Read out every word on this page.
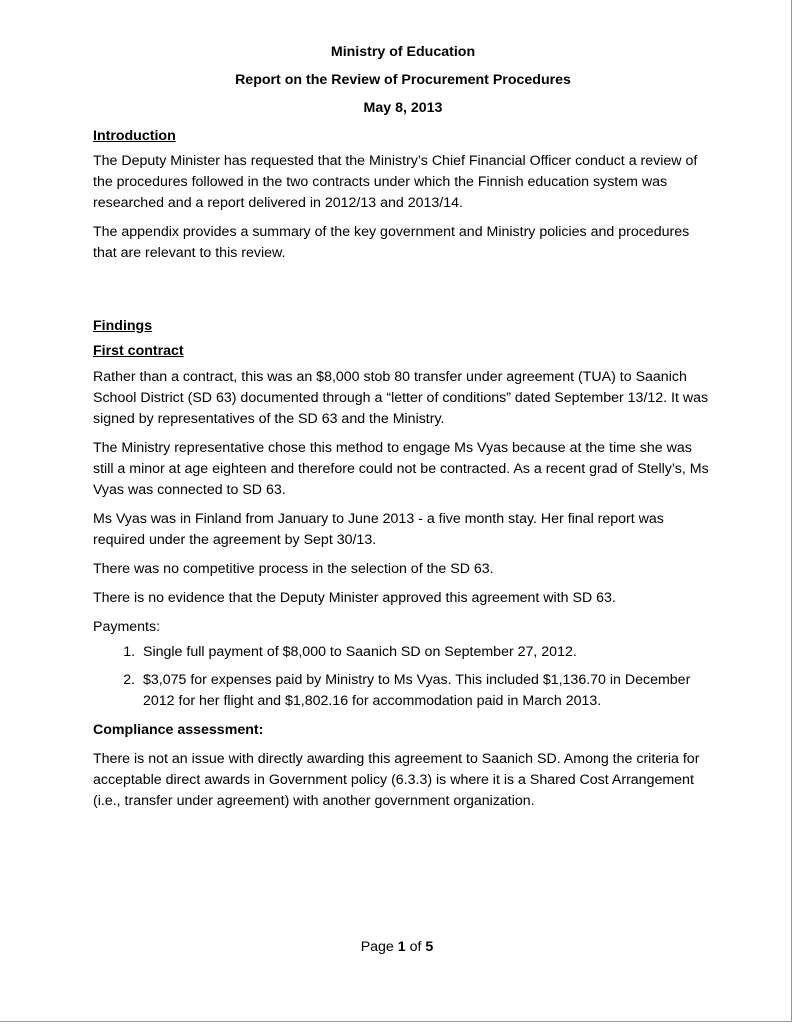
Ministry of Education
Report on the Review of Procurement Procedures
May 8, 2013
Introduction

The Deputy Minister has requested that the Ministry’s Chief Financial Officer conduct a review of the procedures followed in the two contracts under which the Finnish education system was researched and a report delivered in 2012/13 and 2013/14.

The appendix provides a summary of the key government and Ministry policies and procedures that are relevant to this review.

Findings
First contract

Rather than a contract, this was an $8,000 stob 80 transfer under agreement (TUA) to Saanich School District (SD 63) documented through a “letter of conditions” dated September 13/12. It was signed by representatives of the SD 63 and the Ministry.

The Ministry representative chose this method to engage Ms Vyas because at the time she was still a minor at age eighteen and therefore could not be contracted. As a recent grad of Stelly’s, Ms Vyas was connected to SD 63.

Ms Vyas was in Finland from January to June 2013 - a five month stay. Her final report was required under the agreement by Sept 30/13.

There was no competitive process in the selection of the SD 63.

There is no evidence that the Deputy Minister approved this agreement with SD 63.

Payments:

1. Single full payment of $8,000 to Saanich SD on September 27, 2012.
2. $3,075 for expenses paid by Ministry to Ms Vyas. This included $1,136.70 in December 2012 for her flight and $1,802.16 for accommodation paid in March 2013.
Compliance assessment:

There is not an issue with directly awarding this agreement to Saanich SD. Among the criteria for acceptable direct awards in Government policy (6.3.3) is where it is a Shared Cost Arrangement (i.e., transfer under agreement) with another government organization.

Page 1 of 5
